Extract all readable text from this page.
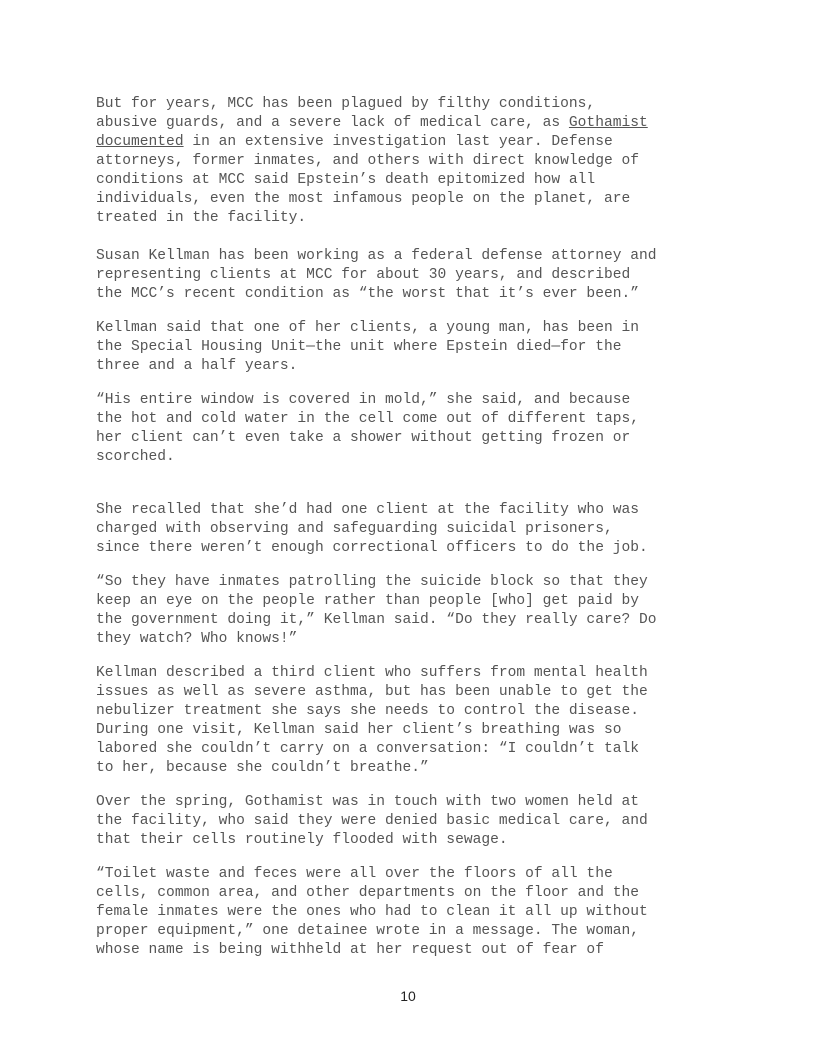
But for years, MCC has been plagued by filthy conditions,
abusive guards, and a severe lack of medical care, as Gothamist
documented in an extensive investigation last year. Defense
attorneys, former inmates, and others with direct knowledge of
conditions at MCC said Epstein’s death epitomized how all
individuals, even the most infamous people on the planet, are
treated in the facility.
Susan Kellman has been working as a federal defense attorney and
representing clients at MCC for about 30 years, and described
the MCC’s recent condition as “the worst that it’s ever been.”
Kellman said that one of her clients, a young man, has been in
the Special Housing Unit—the unit where Epstein died—for the
three and a half years.
“His entire window is covered in mold,” she said, and because
the hot and cold water in the cell come out of different taps,
her client can’t even take a shower without getting frozen or
scorched.
She recalled that she’d had one client at the facility who was
charged with observing and safeguarding suicidal prisoners,
since there weren’t enough correctional officers to do the job.
“So they have inmates patrolling the suicide block so that they
keep an eye on the people rather than people [who] get paid by
the government doing it,” Kellman said. “Do they really care? Do
they watch? Who knows!”
Kellman described a third client who suffers from mental health
issues as well as severe asthma, but has been unable to get the
nebulizer treatment she says she needs to control the disease.
During one visit, Kellman said her client’s breathing was so
labored she couldn’t carry on a conversation: “I couldn’t talk
to her, because she couldn’t breathe.”
Over the spring, Gothamist was in touch with two women held at
the facility, who said they were denied basic medical care, and
that their cells routinely flooded with sewage.
“Toilet waste and feces were all over the floors of all the
cells, common area, and other departments on the floor and the
female inmates were the ones who had to clean it all up without
proper equipment,” one detainee wrote in a message. The woman,
whose name is being withheld at her request out of fear of
10
